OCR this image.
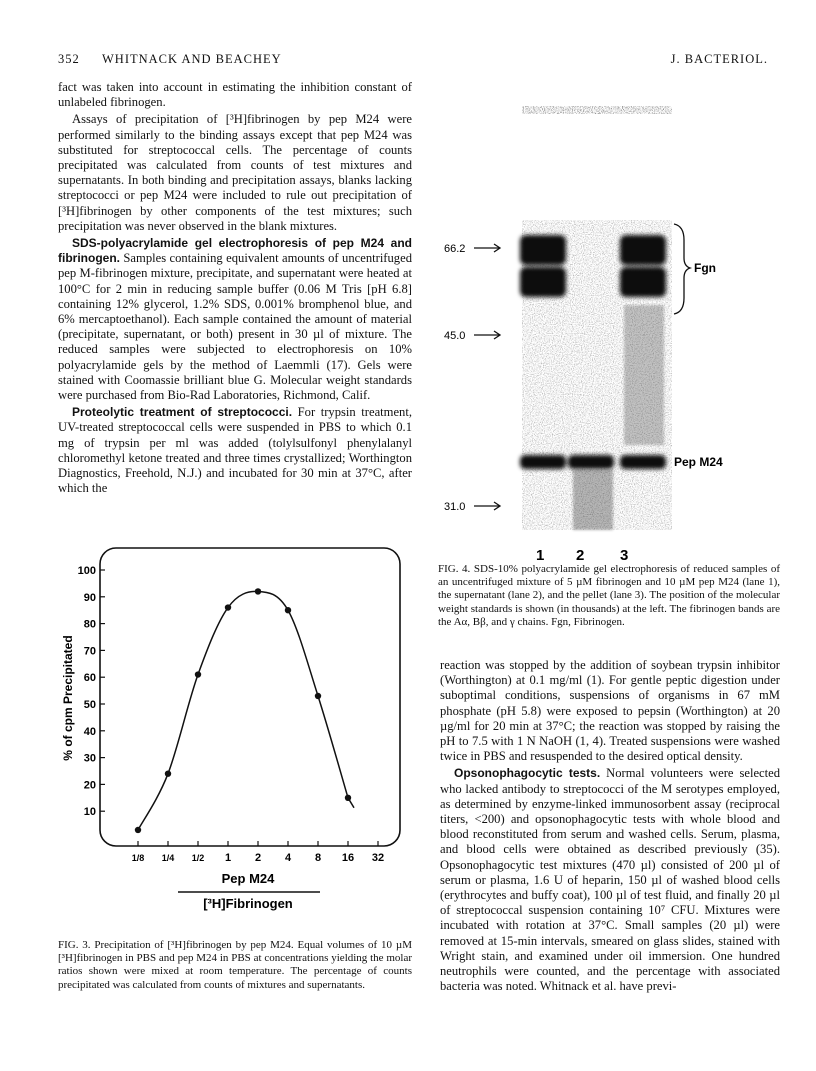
352 WHITNACK AND BEACHEY	J. BACTERIOL.

fact was taken into account in estimating the inhibition constant of unlabeled fibrinogen.

Assays of precipitation of [³H]fibrinogen by pep M24 were performed similarly to the binding assays except that pep M24 was substituted for streptococcal cells. The percentage of counts precipitated was calculated from counts of test mixtures and supernatants. In both binding and precipitation assays, blanks lacking streptococci or pep M24 were included to rule out precipitation of [³H]fibrinogen by other components of the test mixtures; such precipitation was never observed in the blank mixtures.

SDS-polyacrylamide gel electrophoresis of pep M24 and fibrinogen. Samples containing equivalent amounts of uncentrifuged pep M-fibrinogen mixture, precipitate, and supernatant were heated at 100°C for 2 min in reducing sample buffer (0.06 M Tris [pH 6.8] containing 12% glycerol, 1.2% SDS, 0.001% bromphenol blue, and 6% mercaptoethanol). Each sample contained the amount of material (precipitate, supernatant, or both) present in 30 µl of mixture. The reduced samples were subjected to electrophoresis on 10% polyacrylamide gels by the method of Laemmli (17). Gels were stained with Coomassie brilliant blue G. Molecular weight standards were purchased from Bio-Rad Laboratories, Richmond, Calif.

Proteolytic treatment of streptococci. For trypsin treatment, UV-treated streptococcal cells were suspended in PBS to which 0.1 mg of trypsin per ml was added (tolylsulfonyl phenylalanyl chloromethyl ketone treated and three times crystallized; Worthington Diagnostics, Freehold, N.J.) and incubated for 30 min at 37°C, after which the

66.2
45.0
31.0
Fgn
Pep M24
1 2 3
FIG. 4. SDS-10% polyacrylamide gel electrophoresis of reduced samples of an uncentrifuged mixture of 5 µM fibrinogen and 10 µM pep M24 (lane 1), the supernatant (lane 2), and the pellet (lane 3). The position of the molecular weight standards is shown (in thousands) at the left. The fibrinogen bands are the Aα, Bβ, and γ chains. Fgn, Fibrinogen.

reaction was stopped by the addition of soybean trypsin inhibitor (Worthington) at 0.1 mg/ml (1). For gentle peptic digestion under suboptimal conditions, suspensions of organisms in 67 mM phosphate (pH 5.8) were exposed to pepsin (Worthington) at 20 µg/ml for 20 min at 37°C; the reaction was stopped by raising the pH to 7.5 with 1 N NaOH (1, 4). Treated suspensions were washed twice in PBS and resuspended to the desired optical density.

Opsonophagocytic tests. Normal volunteers were selected who lacked antibody to streptococci of the M serotypes employed, as determined by enzyme-linked immunosorbent assay (reciprocal titers, <200) and opsonophagocytic tests with whole blood and blood reconstituted from serum and washed cells. Serum, plasma, and blood cells were obtained as described previously (35). Opsonophagocytic test mixtures (470 µl) consisted of 200 µl of serum or plasma, 1.6 U of heparin, 150 µl of washed blood cells (erythrocytes and buffy coat), 100 µl of test fluid, and finally 20 µl of streptococcal suspension containing 10⁷ CFU. Mixtures were incubated with rotation at 37°C. Small samples (20 µl) were removed at 15-min intervals, smeared on glass slides, stained with Wright stain, and examined under oil immersion. One hundred neutrophils were counted, and the percentage with associated bacteria was noted. Whitnack et al. have previ-

10
20
30
40
50
60
70
80
90
100
1/8 1/4 1/2 1 2 4 8 16 32
% of cpm Precipitated
Pep M24
[³H]Fibrinogen
FIG. 3. Precipitation of [³H]fibrinogen by pep M24. Equal volumes of 10 µM [³H]fibrinogen in PBS and pep M24 in PBS at concentrations yielding the molar ratios shown were mixed at room temperature. The percentage of counts precipitated was calculated from counts of mixtures and supernatants.
